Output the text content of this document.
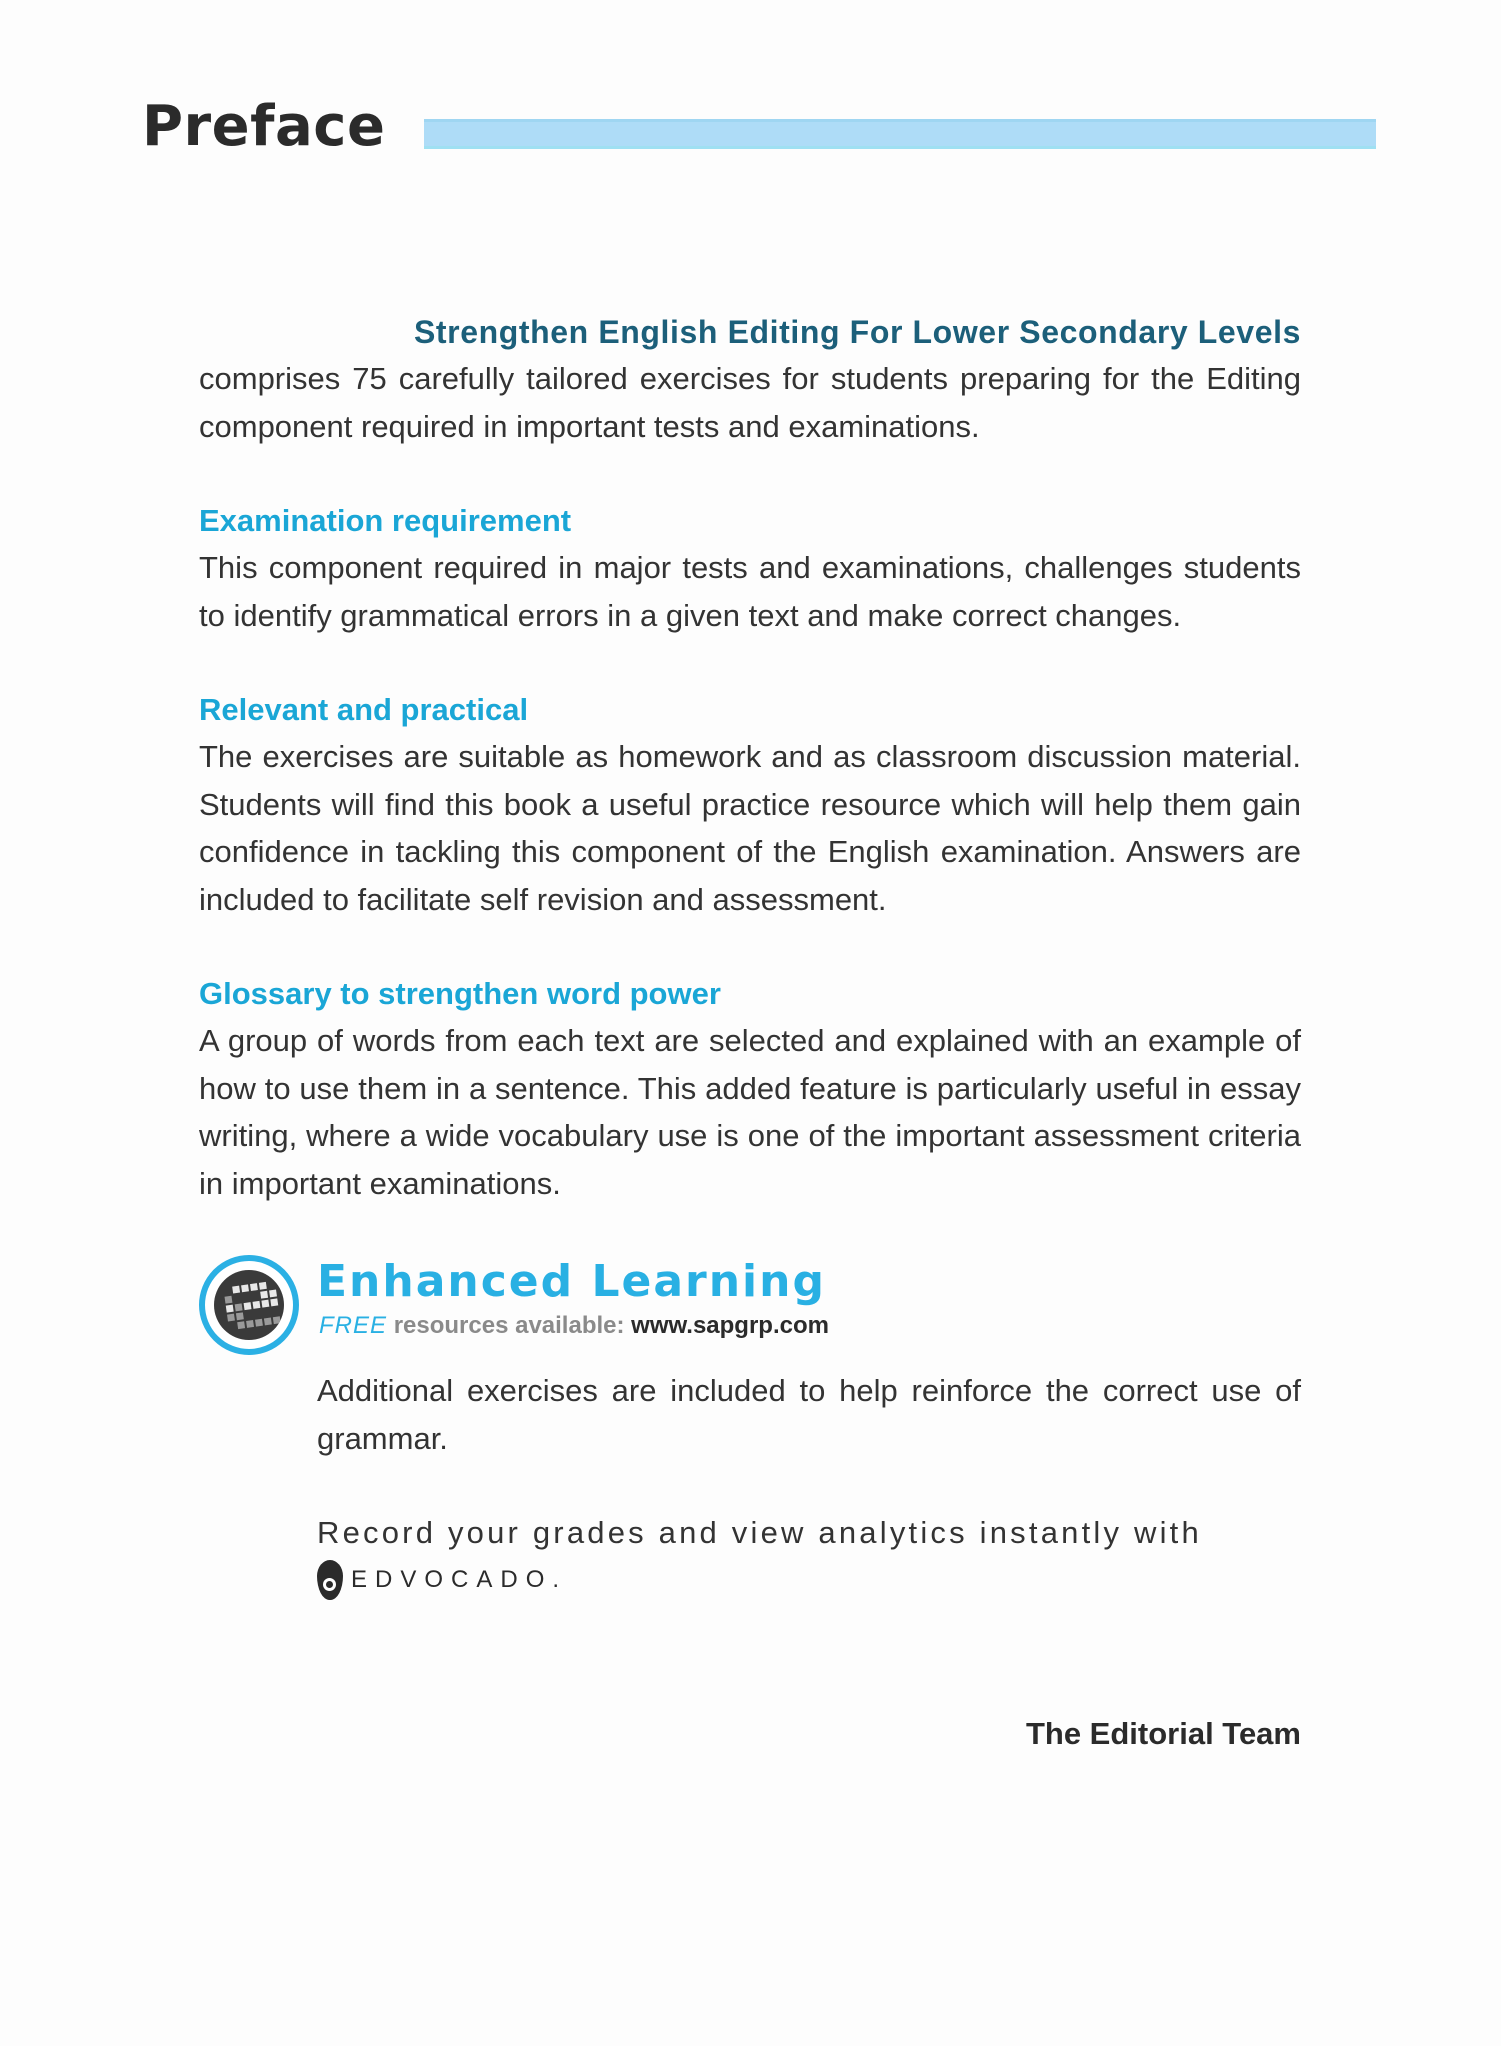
Preface
Strengthen English Editing For Lower Secondary Levels

comprises 75 carefully tailored exercises for students preparing for the Editing component required in important tests and examinations.

Examination requirement

This component required in major tests and examinations, challenges students to identify grammatical errors in a given text and make correct changes.

Relevant and practical

The exercises are suitable as homework and as classroom discussion material. Students will find this book a useful practice resource which will help them gain confidence in tackling this component of the English examination. Answers are included to facilitate self revision and assessment.

Glossary to strengthen word power

A group of words from each text are selected and explained with an example of how to use them in a sentence. This added feature is particularly useful in essay writing, where a wide vocabulary use is one of the important assessment criteria in important examinations.

Enhanced Learning
FREE resources available: www.sapgrp.com

Additional exercises are included to help reinforce the correct use of grammar.

Record your grades and view analytics instantly with

EDVOCADO.
The Editorial Team
